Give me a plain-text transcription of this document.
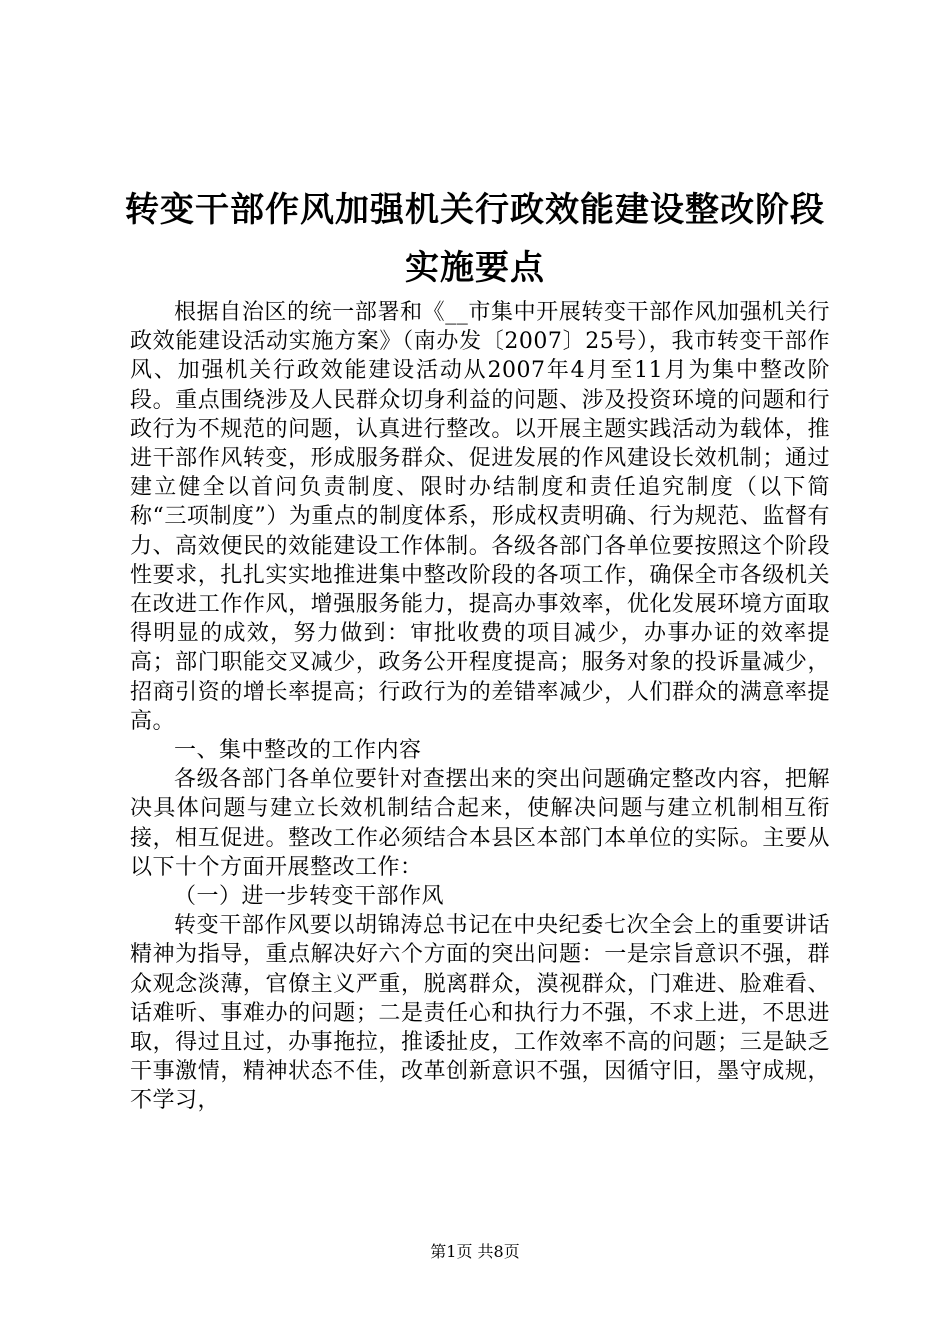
转变干部作风加强机关行政效能建设整改阶段
实施要点

根据自治区的统一部署和《__市集中开展转变干部作风加强机关行政效能建设活动实施方案》（南办发〔2007〕25号），我市转变干部作风、加强机关行政效能建设活动从2007年4月至11月为集中整改阶段。重点围绕涉及人民群众切身利益的问题、涉及投资环境的问题和行政行为不规范的问题，认真进行整改。以开展主题实践活动为载体，推进干部作风转变，形成服务群众、促进发展的作风建设长效机制；通过建立健全以首问负责制度、限时办结制度和责任追究制度（以下简称“三项制度”）为重点的制度体系，形成权责明确、行为规范、监督有力、高效便民的效能建设工作体制。各级各部门各单位要按照这个阶段性要求，扎扎实实地推进集中整改阶段的各项工作，确保全市各级机关在改进工作作风，增强服务能力，提高办事效率，优化发展环境方面取得明显的成效，努力做到：审批收费的项目减少，办事办证的效率提高；部门职能交叉减少，政务公开程度提高；服务对象的投诉量减少，招商引资的增长率提高；行政行为的差错率减少，人们群众的满意率提高。

一、集中整改的工作内容

各级各部门各单位要针对查摆出来的突出问题确定整改内容，把解决具体问题与建立长效机制结合起来，使解决问题与建立机制相互衔接，相互促进。整改工作必须结合本县区本部门本单位的实际。主要从以下十个方面开展整改工作：

（一）进一步转变干部作风

转变干部作风要以胡锦涛总书记在中央纪委七次全会上的重要讲话精神为指导，重点解决好六个方面的突出问题：一是宗旨意识不强，群众观念淡薄，官僚主义严重，脱离群众，漠视群众，门难进、脸难看、话难听、事难办的问题；二是责任心和执行力不强，不求上进，不思进取，得过且过，办事拖拉，推诿扯皮，工作效率不高的问题；三是缺乏干事激情，精神状态不佳，改革创新意识不强，因循守旧，墨守成规，不学习，

第1页 共8页
